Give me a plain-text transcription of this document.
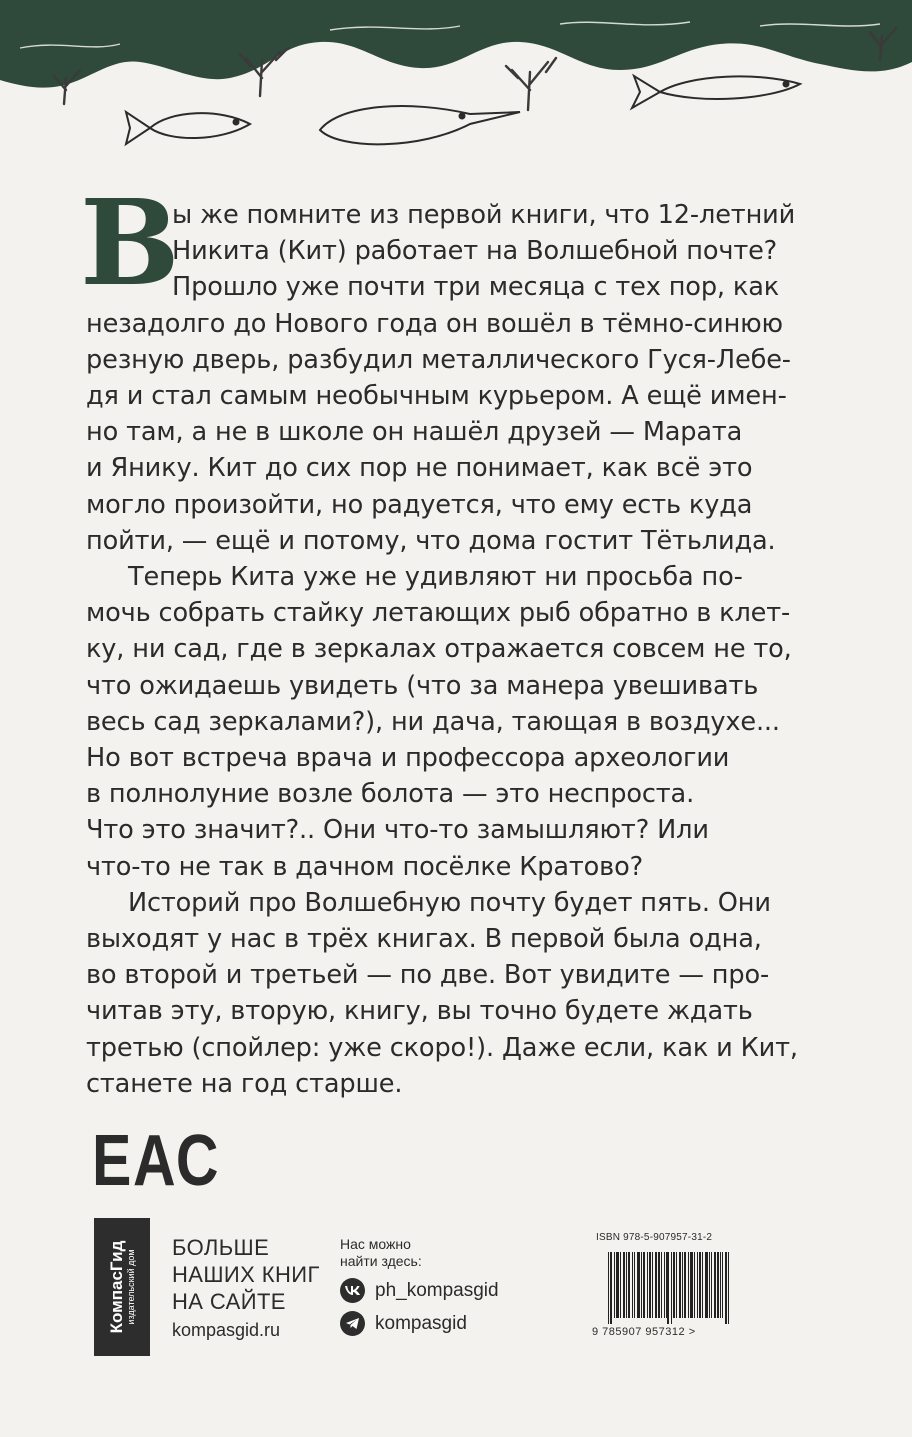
В
ы же помните из первой книги, что 12-летний
Никита (Кит) работает на Волшебной почте?
Прошло уже почти три месяца с тех пор, как
незадолго до Нового года он вошёл в тёмно-синюю
резную дверь, разбудил металлического Гуся-Лебе-
дя и стал самым необычным курьером. А ещё имен-
но там, а не в школе он нашёл друзей — Марата
и Янику. Кит до сих пор не понимает, как всё это
могло произойти, но радуется, что ему есть куда
пойти, — ещё и потому, что дома гостит Тётьлида.
Теперь Кита уже не удивляют ни просьба по-
мочь собрать стайку летающих рыб обратно в клет-
ку, ни сад, где в зеркалах отражается совсем не то,
что ожидаешь увидеть (что за манера увешивать
весь сад зеркалами?), ни дача, тающая в воздухе...
Но вот встреча врача и профессора археологии
в полнолуние возле болота — это неспроста.
Что это значит?.. Они что-то замышляют? Или
что-то не так в дачном посёлке Кратово?
Историй про Волшебную почту будет пять. Они
выходят у нас в трёх книгах. В первой была одна,
во второй и третьей — по две. Вот увидите — про-
читав эту, вторую, книгу, вы точно будете ждать
третью (спойлер: уже скоро!). Даже если, как и Кит,
станете на год старше.
ЕАС
КомпасГид издательский дом
БОЛЬШЕ
НАШИХ КНИГ
НА САЙТЕ
kompasgid.ru
Нас можно
найти здесь:
ph_kompasgid
kompasgid
ISBN 978-5-907957-31-2
9 785907 957312 >
